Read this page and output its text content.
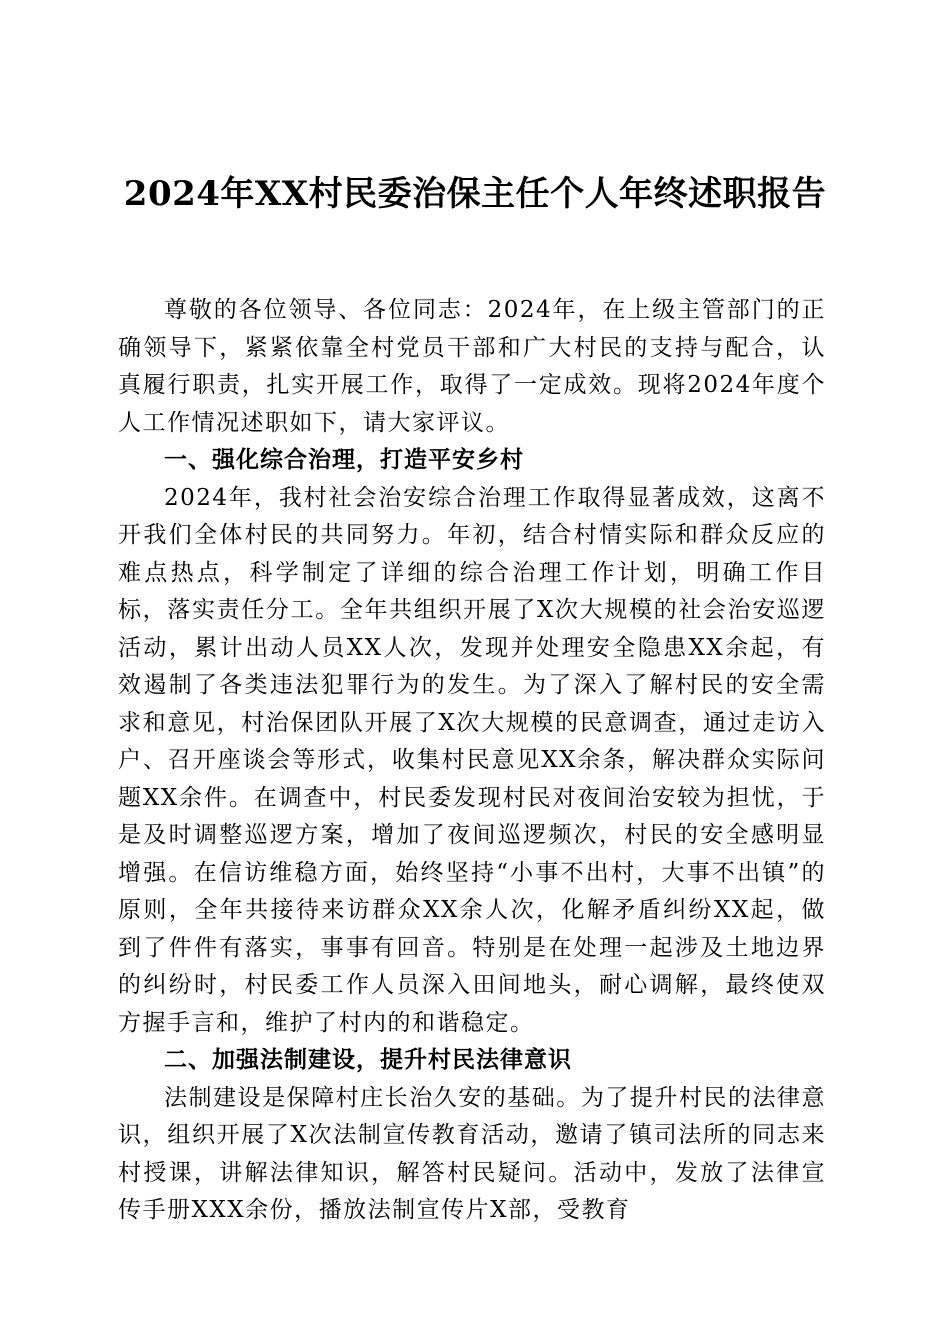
2024年XX村民委治保主任个人年终述职报告

尊敬的各位领导、各位同志：2024年，在上级主管部门的正确领导下，紧紧依靠全村党员干部和广大村民的支持与配合，认真履行职责，扎实开展工作，取得了一定成效。现将2024年度个人工作情况述职如下，请大家评议。

一、强化综合治理，打造平安乡村

2024年，我村社会治安综合治理工作取得显著成效，这离不开我们全体村民的共同努力。年初，结合村情实际和群众反应的难点热点，科学制定了详细的综合治理工作计划，明确工作目标，落实责任分工。全年共组织开展了X次大规模的社会治安巡逻活动，累计出动人员XX人次，发现并处理安全隐患XX余起，有效遏制了各类违法犯罪行为的发生。为了深入了解村民的安全需求和意见，村治保团队开展了X次大规模的民意调查，通过走访入户、召开座谈会等形式，收集村民意见XX余条，解决群众实际问题XX余件。在调查中，村民委发现村民对夜间治安较为担忧，于是及时调整巡逻方案，增加了夜间巡逻频次，村民的安全感明显增强。在信访维稳方面，始终坚持“小事不出村，大事不出镇”的原则，全年共接待来访群众XX余人次，化解矛盾纠纷XX起，做到了件件有落实，事事有回音。特别是在处理一起涉及土地边界的纠纷时，村民委工作人员深入田间地头，耐心调解，最终使双方握手言和，维护了村内的和谐稳定。

二、加强法制建设，提升村民法律意识

法制建设是保障村庄长治久安的基础。为了提升村民的法律意识，组织开展了X次法制宣传教育活动，邀请了镇司法所的同志来村授课，讲解法律知识，解答村民疑问。活动中，发放了法律宣传手册XXX余份，播放法制宣传片X部，受教育
